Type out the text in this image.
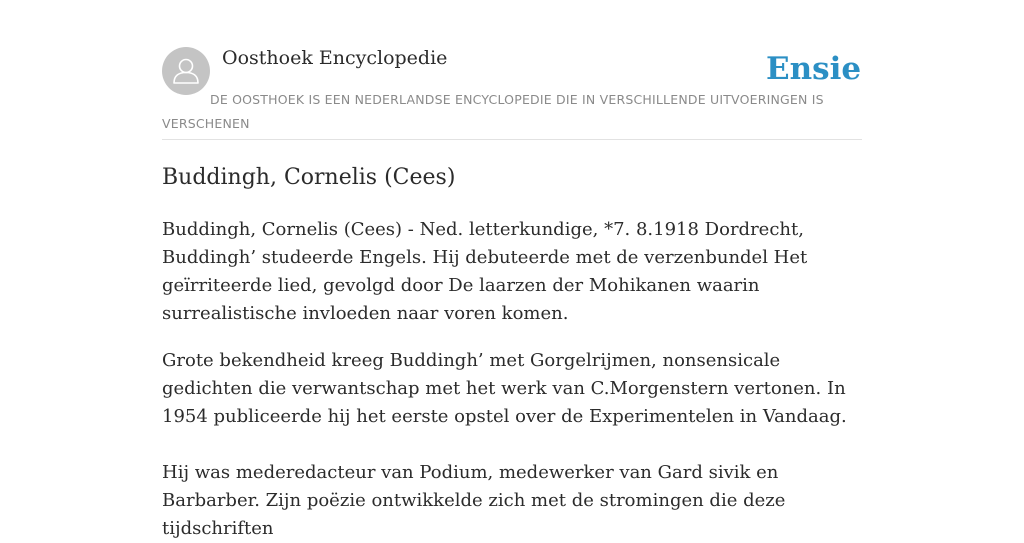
Oosthoek Encyclopedie	Ensie
DE OOSTHOEK IS EEN NEDERLANDSE ENCYCLOPEDIE DIE IN VERSCHILLENDE UITVOERINGEN IS VERSCHENEN
Buddingh, Cornelis (Cees)

Buddingh, Cornelis (Cees) - Ned. letterkundige, *7. 8.1918 Dordrecht, Buddingh’ studeerde Engels. Hij debuteerde met de verzenbundel Het geïrriteerde lied, gevolgd door De laarzen der Mohikanen waarin surrealistische invloeden naar voren komen.

Grote bekendheid kreeg Buddingh’ met Gorgelrijmen, nonsensicale gedichten die verwantschap met het werk van C.Morgenstern vertonen. In 1954 publiceerde hij het eerste opstel over de Experimentelen in Vandaag.

Hij was mederedacteur van Podium, medewerker van Gard sivik en Barbarber. Zijn poëzie ontwikkelde zich met de stromingen die deze tijdschriften
